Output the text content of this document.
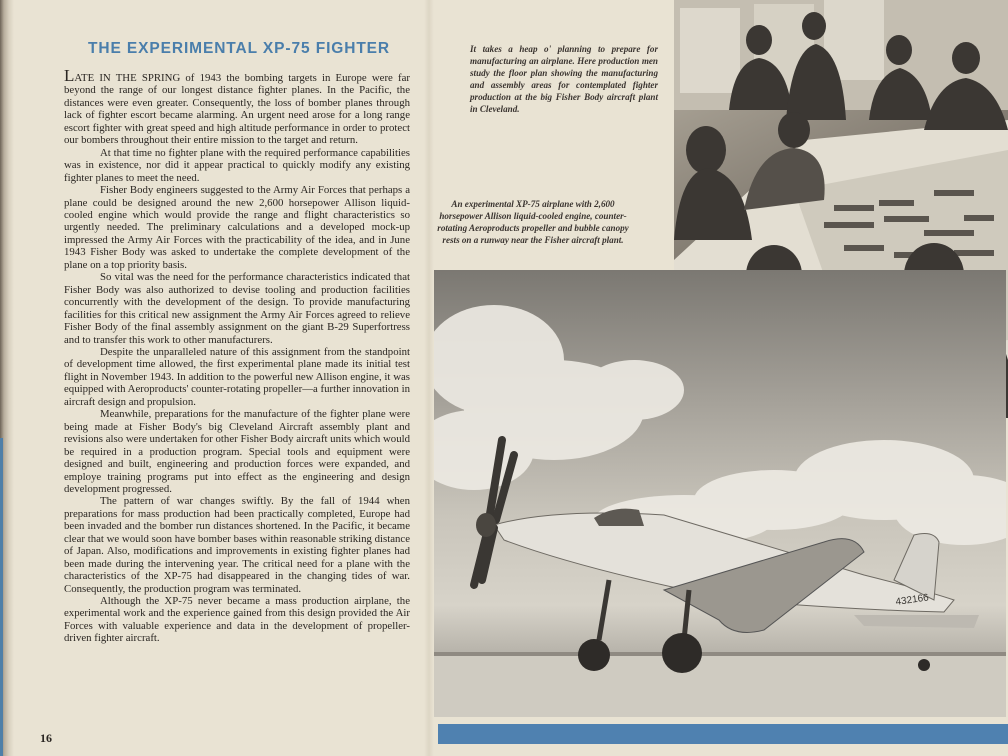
THE EXPERIMENTAL XP-75 FIGHTER

LATE IN THE SPRING of 1943 the bombing targets in Europe were far beyond the range of our longest distance fighter planes. In the Pacific, the distances were even greater. Consequently, the loss of bomber planes through lack of fighter escort became alarming. An urgent need arose for a long range escort fighter with great speed and high altitude performance in order to protect our bombers throughout their entire mission to the target and return.

At that time no fighter plane with the required performance capabilities was in existence, nor did it appear practical to quickly modify any existing fighter planes to meet the need.

Fisher Body engineers suggested to the Army Air Forces that perhaps a plane could be designed around the new 2,600 horsepower Allison liquid-cooled engine which would provide the range and flight characteristics so urgently needed. The preliminary calculations and a developed mock-up impressed the Army Air Forces with the practicability of the idea, and in June 1943 Fisher Body was asked to undertake the complete development of the plane on a top priority basis.

So vital was the need for the performance characteristics indicated that Fisher Body was also authorized to devise tooling and production facilities concurrently with the development of the design. To provide manufacturing facilities for this critical new assignment the Army Air Forces agreed to relieve Fisher Body of the final assembly assignment on the giant B-29 Superfortress and to transfer this work to other manufacturers.

Despite the unparalleled nature of this assignment from the standpoint of development time allowed, the first experimental plane made its initial test flight in November 1943. In addition to the powerful new Allison engine, it was equipped with Aeroproducts' counter-rotating propeller—a further innovation in aircraft design and propulsion.

Meanwhile, preparations for the manufacture of the fighter plane were being made at Fisher Body's big Cleveland Aircraft assembly plant and revisions also were undertaken for other Fisher Body aircraft units which would be required in a production program. Special tools and equipment were designed and built, engineering and production forces were expanded, and employe training programs put into effect as the engineering and design development progressed.

The pattern of war changes swiftly. By the fall of 1944 when preparations for mass production had been practically completed, Europe had been invaded and the bomber run distances shortened. In the Pacific, it became clear that we would soon have bomber bases within reasonable striking distance of Japan. Also, modifications and improvements in existing fighter planes had been made during the intervening year. The critical need for a plane with the characteristics of the XP-75 had disappeared in the changing tides of war. Consequently, the production program was terminated.

Although the XP-75 never became a mass production airplane, the experimental work and the experience gained from this design provided the Air Forces with valuable experience and data in the development of propeller-driven fighter aircraft.

16
It takes a heap o' planning to prepare for manufacturing an airplane. Here production men study the floor plan showing the manufacturing and assembly areas for contemplated fighter production at the big Fisher Body aircraft plant in Cleveland.
An experimental XP-75 airplane with 2,600 horsepower Allison liquid-cooled engine, counter-rotating Aeroproducts propeller and bubble canopy rests on a runway near the Fisher aircraft plant.
432166
